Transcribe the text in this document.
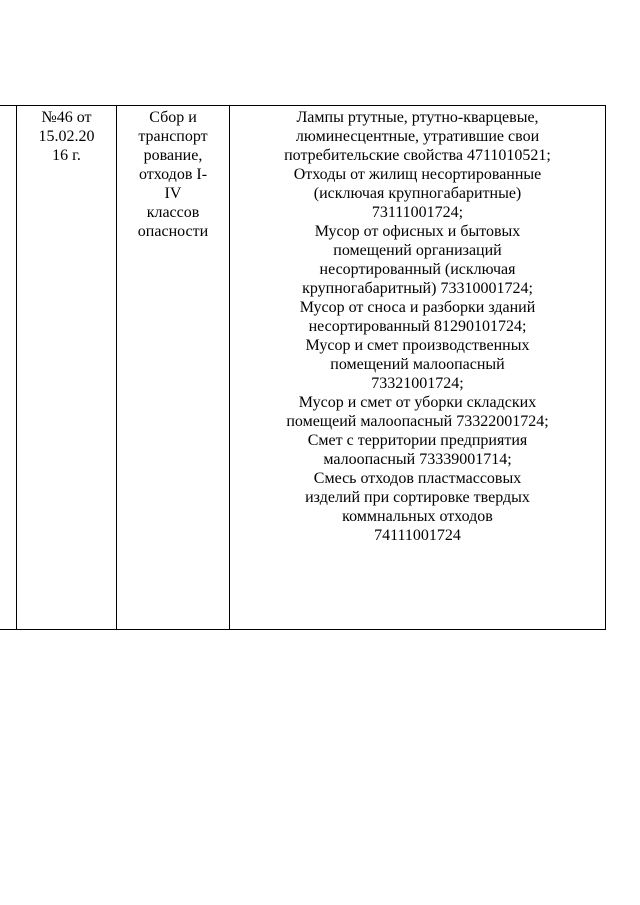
№46 от
15.02.20
16 г.
Сбор и
транспорт
рование,
отходов I-
IV
классов
опасности
Лампы ртутные, ртутно-кварцевые,
люминесцентные, утратившие свои
потребительские свойства 4711010521;
Отходы от жилищ несортированные
(исключая крупногабаритные)
73111001724;
Мусор от офисных и бытовых
помещений организаций
несортированный (исключая
крупногабаритный) 73310001724;
Мусор от сноса и разборки зданий
несортированный 81290101724;
Мусор и смет производственных
помещений малоопасный
73321001724;
Мусор и смет от уборки складских
помещеий малоопасный 73322001724;
Смет с территории предприятия
малоопасный 73339001714;
Смесь отходов пластмассовых
изделий при сортировке твердых
коммнальных отходов
74111001724
